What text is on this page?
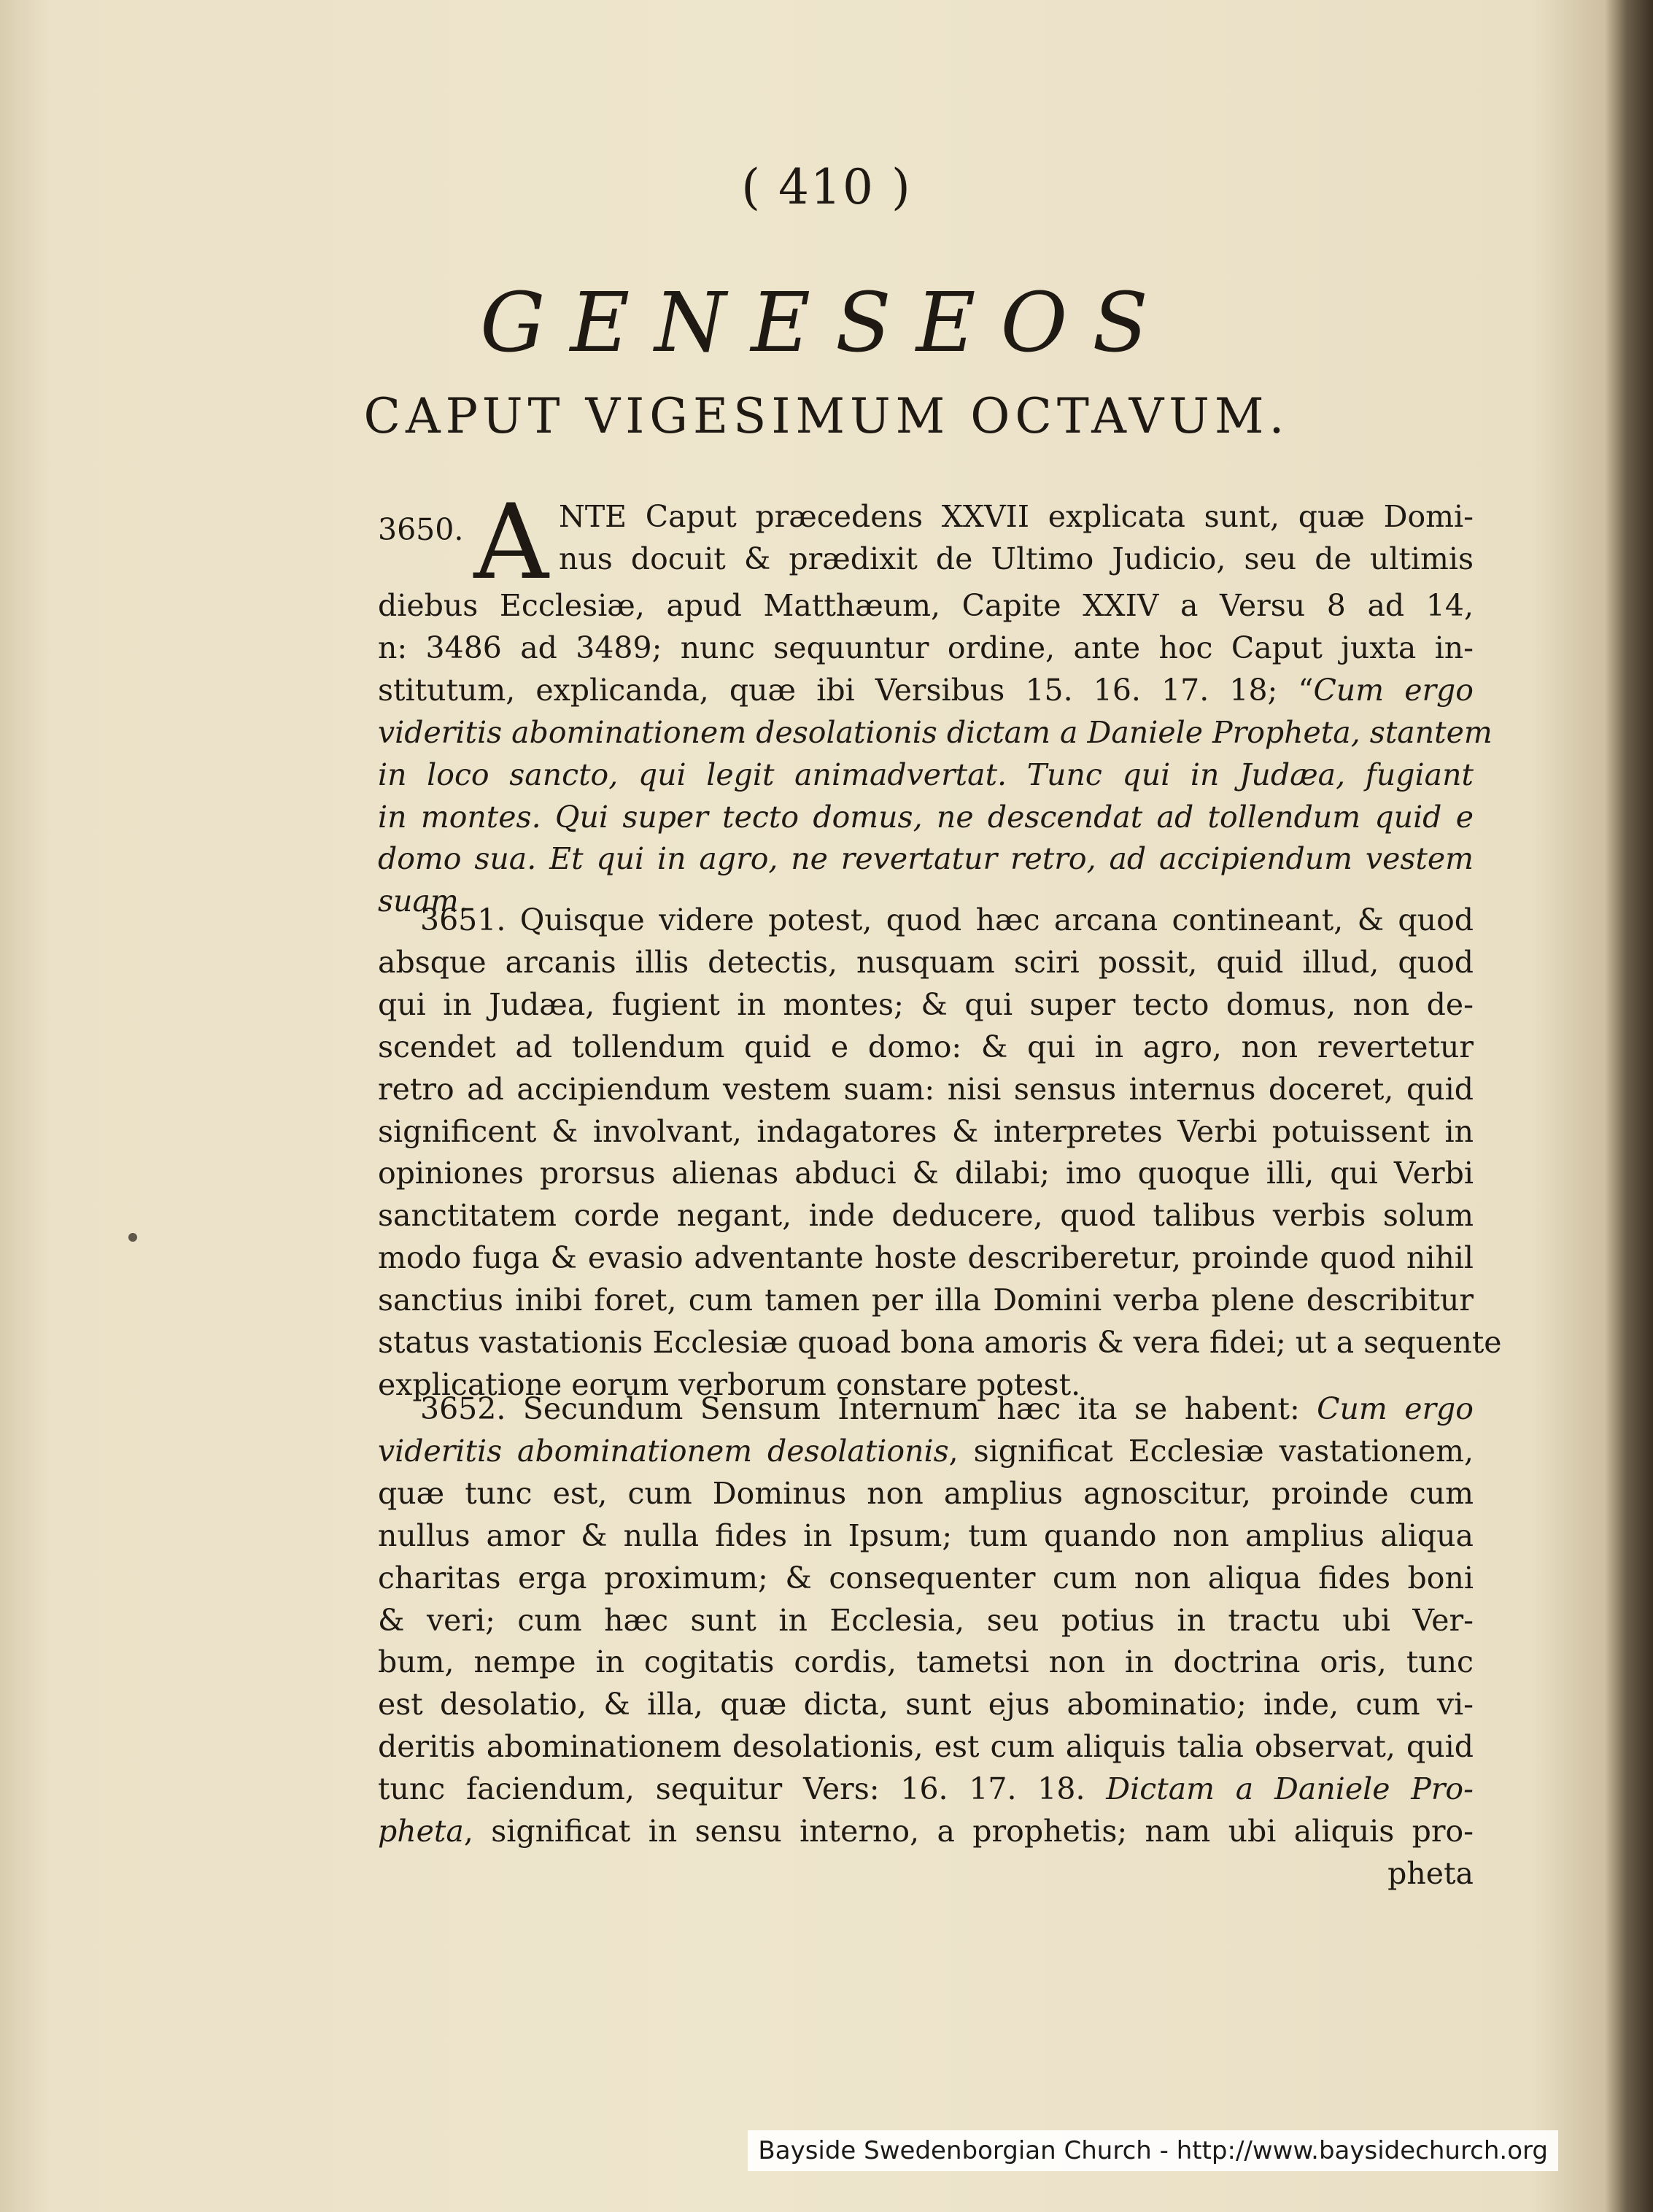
( 410 )
GENESEOS
CAPUT VIGESIMUM OCTAVUM.
3650. A NTE Caput præcedens XXVII explicata sunt, quæ Domi-
nus docuit & prædixit de Ultimo Judicio, seu de ultimis
diebus Ecclesiæ, apud Matthæum, Capite XXIV a Versu 8 ad 14,
n: 3486 ad 3489; nunc sequuntur ordine, ante hoc Caput juxta in-
stitutum, explicanda, quæ ibi Versibus 15. 16. 17. 18; “Cum ergo
videritis abominationem desolationis dictam a Daniele Propheta, stantem
in loco sancto, qui legit animadvertat. Tunc qui in Judæa, fugiant
in montes. Qui super tecto domus, ne descendat ad tollendum quid e
domo sua. Et qui in agro, ne revertatur retro, ad accipiendum vestem
suam.
3651. Quisque videre potest, quod hæc arcana contineant, & quod
absque arcanis illis detectis, nusquam sciri possit, quid illud, quod
qui in Judæa, fugient in montes; & qui super tecto domus, non de-
scendet ad tollendum quid e domo: & qui in agro, non revertetur
retro ad accipiendum vestem suam: nisi sensus internus doceret, quid
significent & involvant, indagatores & interpretes Verbi potuissent in
opiniones prorsus alienas abduci & dilabi; imo quoque illi, qui Verbi
sanctitatem corde negant, inde deducere, quod talibus verbis solum
modo fuga & evasio adventante hoste describeretur, proinde quod nihil
sanctius inibi foret, cum tamen per illa Domini verba plene describitur
status vastationis Ecclesiæ quoad bona amoris & vera fidei; ut a sequente
explicatione eorum verborum constare potest.
3652. Secundum Sensum Internum hæc ita se habent: Cum ergo
videritis abominationem desolationis, significat Ecclesiæ vastationem,
quæ tunc est, cum Dominus non amplius agnoscitur, proinde cum
nullus amor & nulla fides in Ipsum; tum quando non amplius aliqua
charitas erga proximum; & consequenter cum non aliqua fides boni
& veri; cum hæc sunt in Ecclesia, seu potius in tractu ubi Ver-
bum, nempe in cogitatis cordis, tametsi non in doctrina oris, tunc
est desolatio, & illa, quæ dicta, sunt ejus abominatio; inde, cum vi-
deritis abominationem desolationis, est cum aliquis talia observat, quid
tunc faciendum, sequitur Vers: 16. 17. 18. Dictam a Daniele Pro-
pheta, significat in sensu interno, a prophetis; nam ubi aliquis pro-
pheta
Bayside Swedenborgian Church - http://www.baysidechurch.org
